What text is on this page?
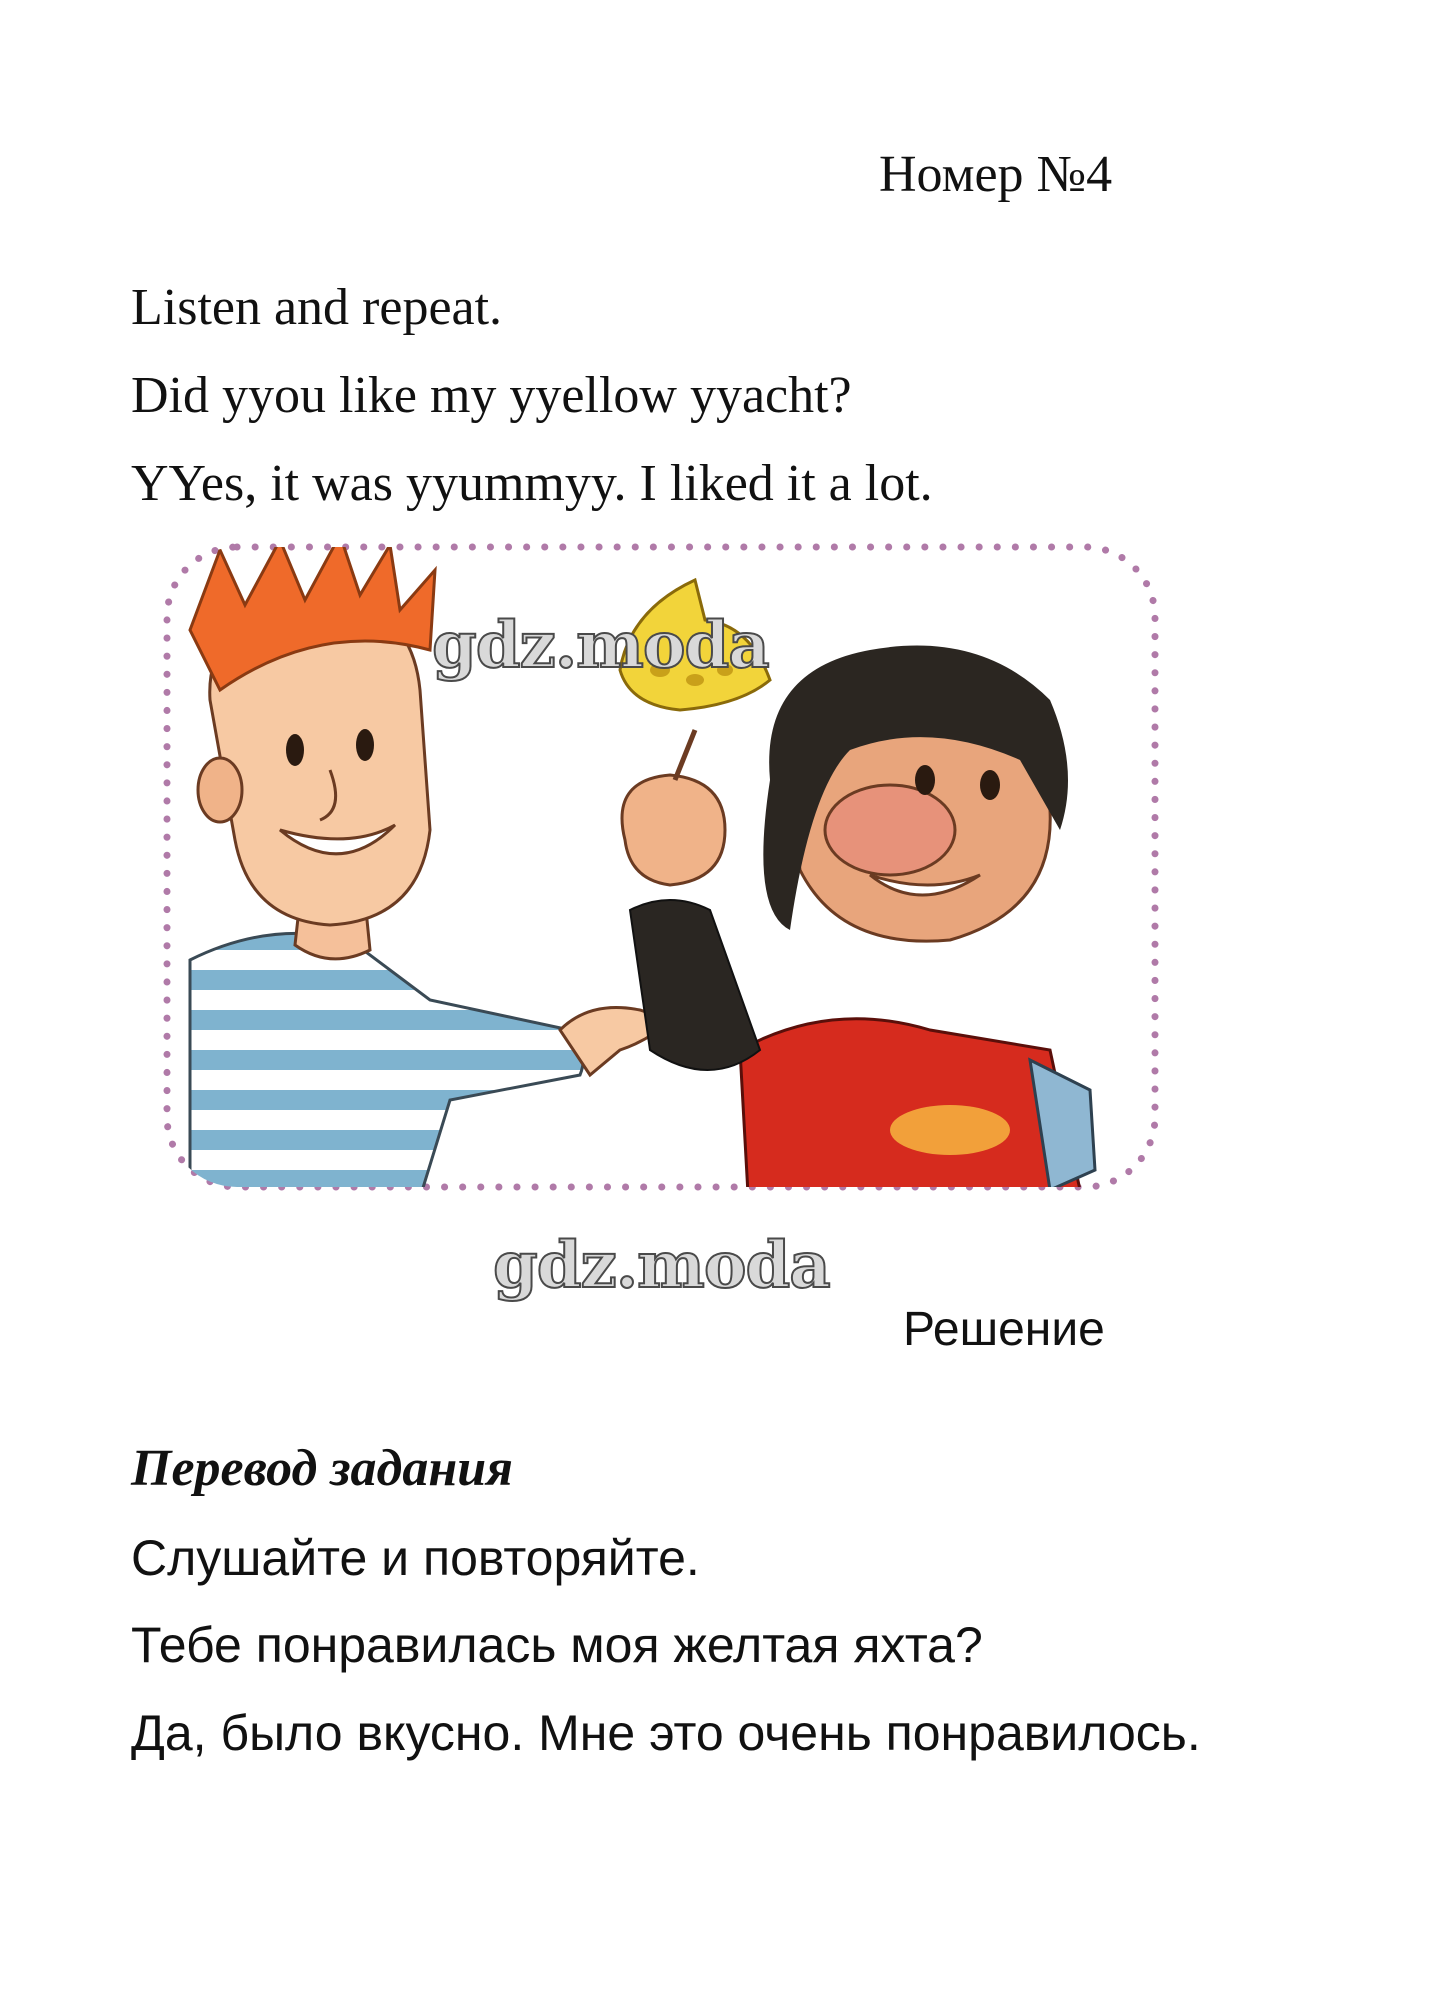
Номер №4
Listen and repeat.
Did yyou like my yyellow yyacht?
YYes, it was yyummyy. I liked it a lot.
gdz.moda
gdz.moda
Решение
Перевод задания
Слушайте и повторяйте.
Тебе понравилась моя желтая яхта?
Да, было вкусно. Мне это очень понравилось.
